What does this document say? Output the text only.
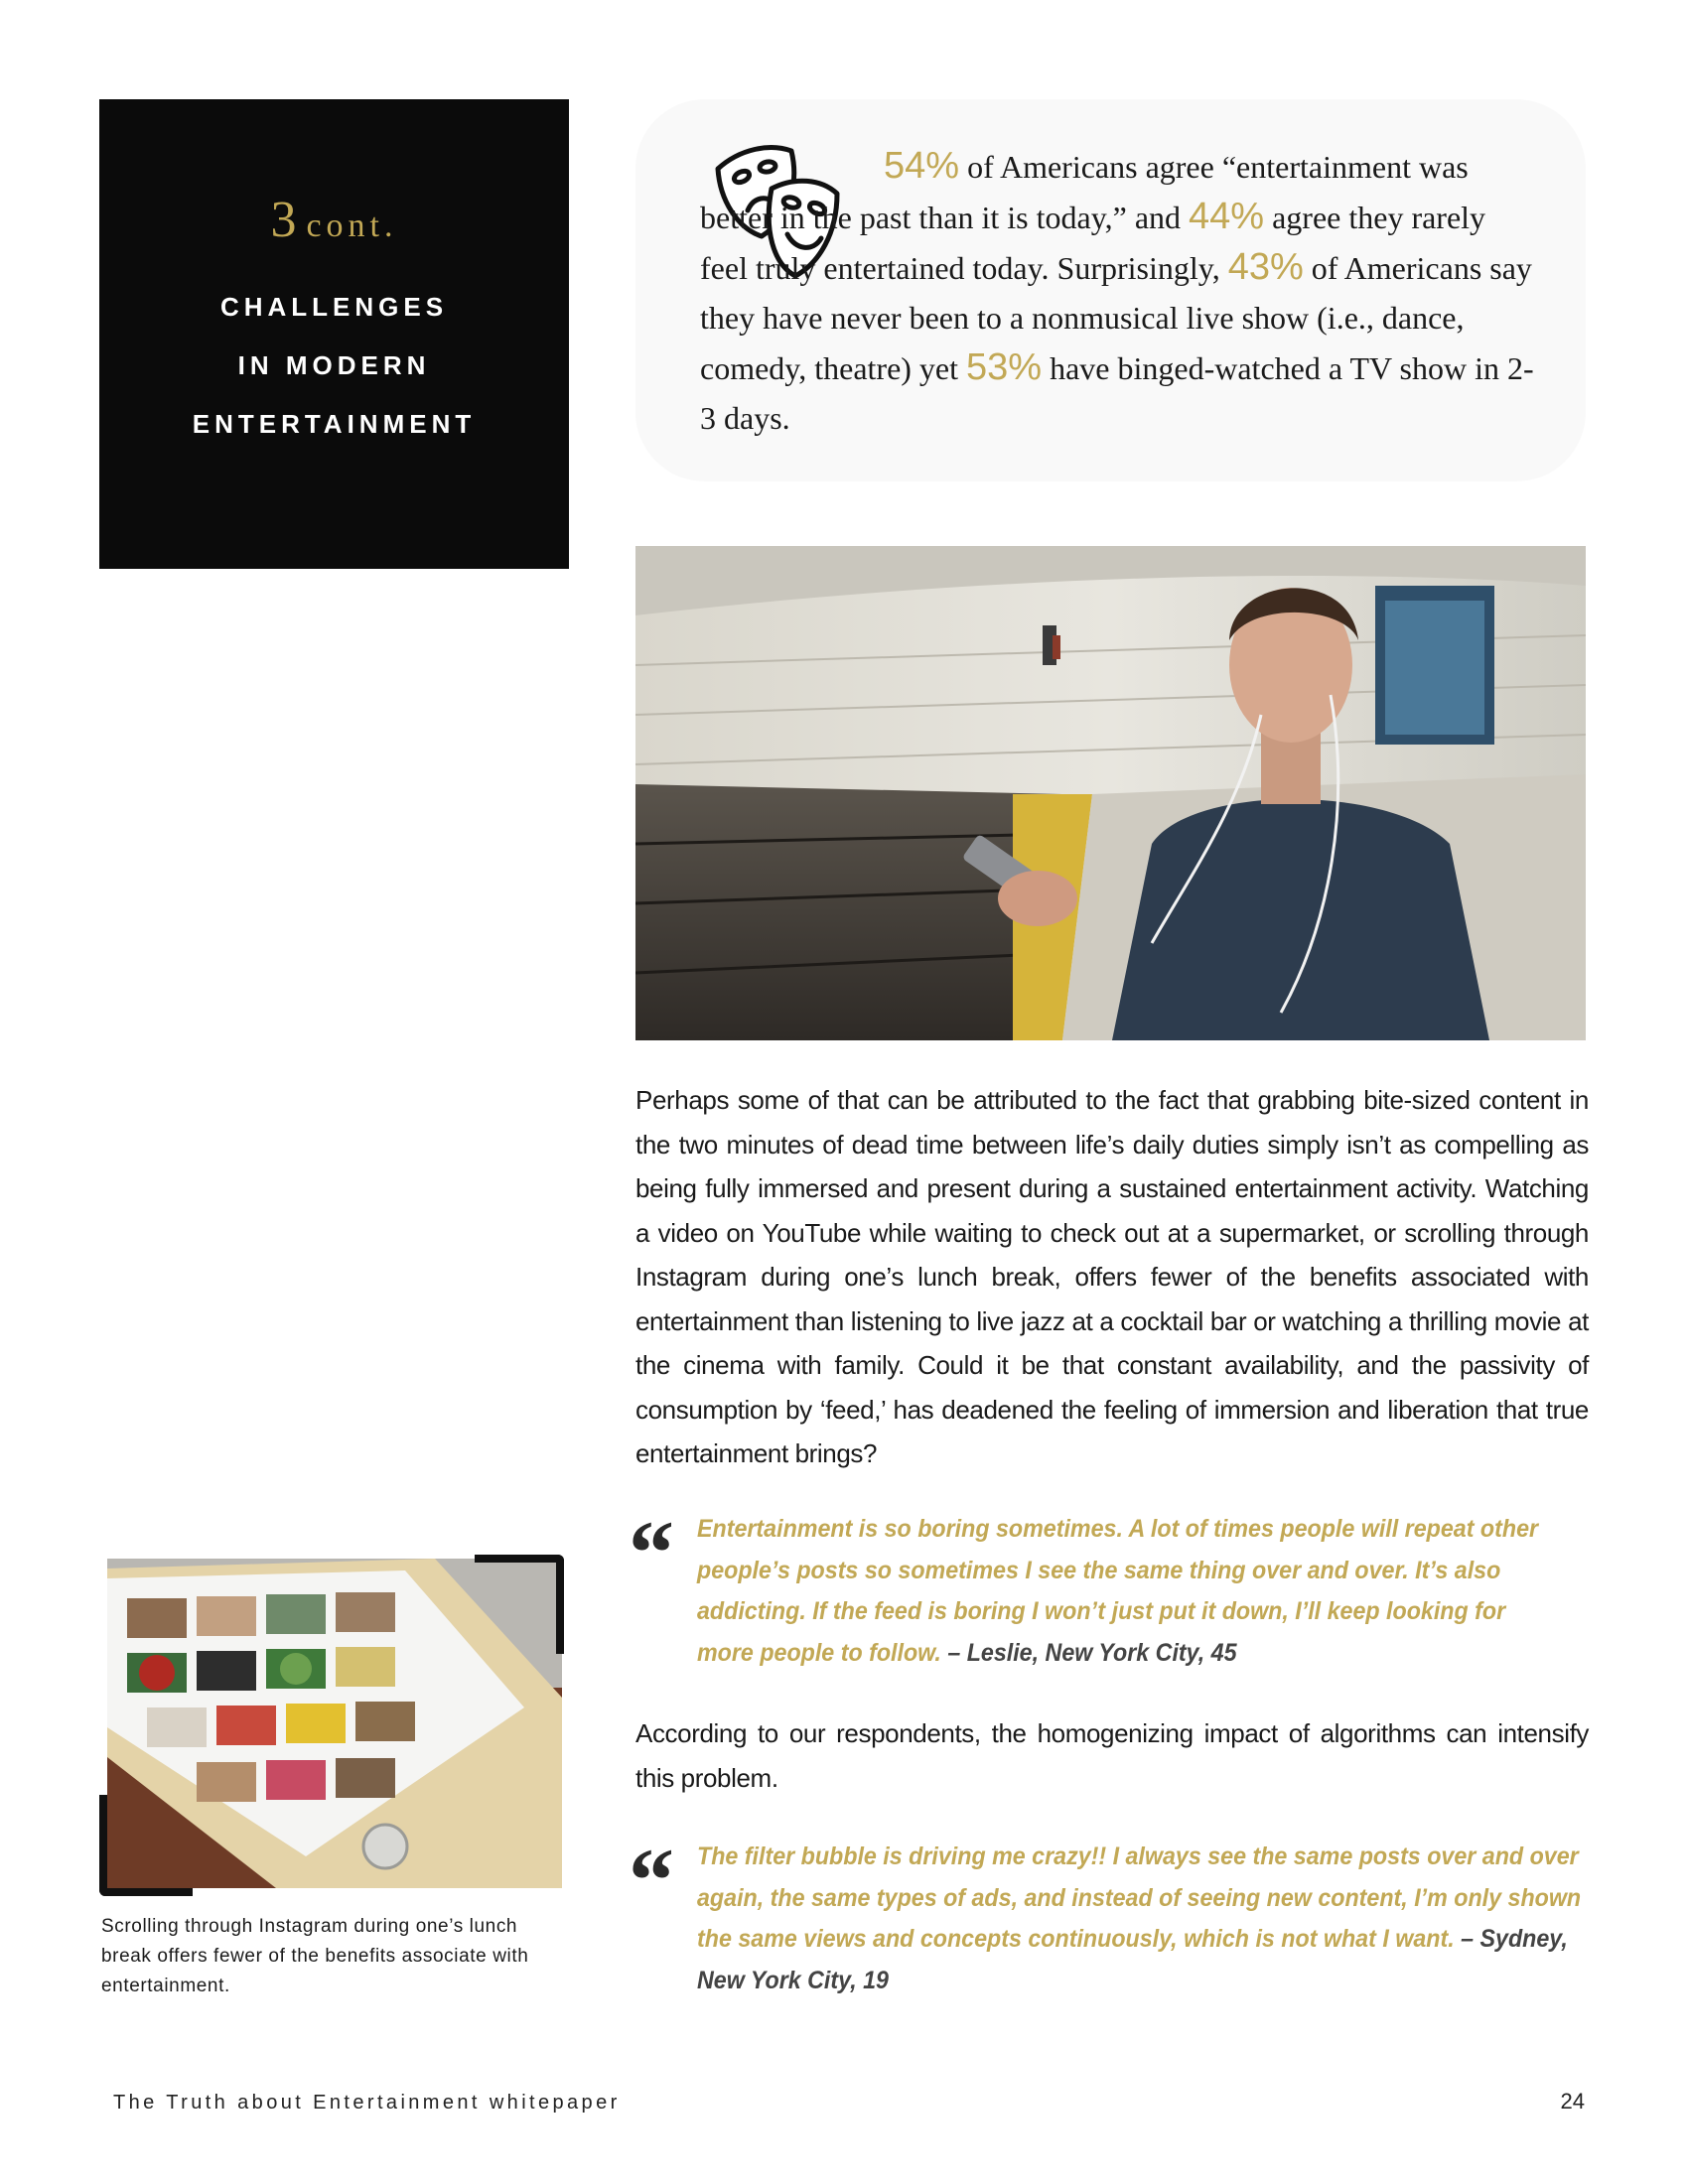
3 cont.
CHALLENGES
IN MODERN
ENTERTAINMENT
54% of Americans agree “entertainment was better in the past than it is today,” and 44% agree they rarely feel truly entertained today. Surprisingly, 43% of Americans say they have never been to a nonmusical live show (i.e., dance, comedy, theatre) yet 53% have binged-watched a TV show in 2-3 days.

Perhaps some of that can be attributed to the fact that grabbing bite-sized content in the two minutes of dead time between life’s daily duties simply isn’t as compelling as being fully immersed and present during a sustained entertainment activity. Watching a video on YouTube while waiting to check out at a supermarket, or scrolling through Instagram during one’s lunch break, offers fewer of the benefits associated with entertainment than listening to live jazz at a cocktail bar or watching a thrilling movie at the cinema with family. Could it be that constant availability, and the passivity of consumption by ‘feed,’ has deadened the feeling of immersion and liberation that true entertainment brings?

“ Entertainment is so boring sometimes. A lot of times people will repeat other people’s posts so sometimes I see the same thing over and over. It’s also addicting. If the feed is boring I won’t just put it down, I’ll keep looking for more people to follow. – Leslie, New York City, 45

According to our respondents, the homogenizing impact of algorithms can intensify this problem.

“ The filter bubble is driving me crazy!! I always see the same posts over and over again, the same types of ads, and instead of seeing new content, I’m only shown the same views and concepts continuously, which is not what I want. – Sydney, New York City, 19

Scrolling through Instagram during one’s lunch break offers fewer of the benefits associate with entertainment.

The Truth about Entertainment whitepaper	24
